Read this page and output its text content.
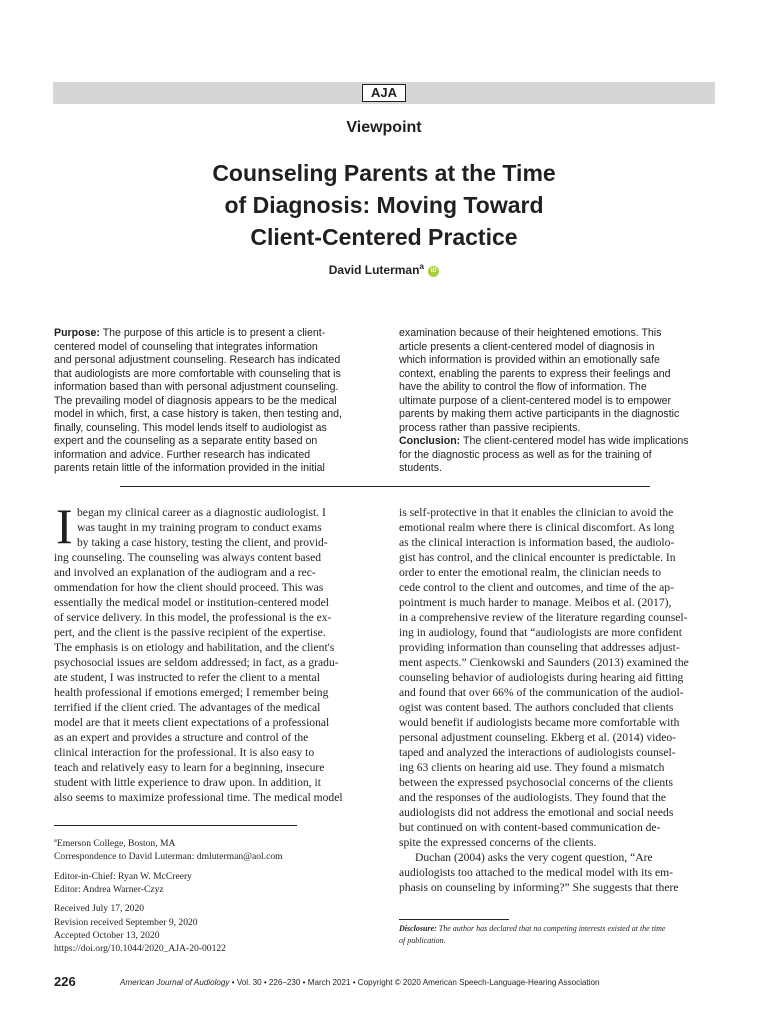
AJA
Viewpoint
Counseling Parents at the Time
of Diagnosis: Moving Toward
Client-Centered Practice
David Luterman$^a$ iD
Purpose: The purpose of this article is to present a client-
centered model of counseling that integrates information
and personal adjustment counseling. Research has indicated
that audiologists are more comfortable with counseling that is
information based than with personal adjustment counseling.
The prevailing model of diagnosis appears to be the medical
model in which, first, a case history is taken, then testing and,
finally, counseling. This model lends itself to audiologist as
expert and the counseling as a separate entity based on
information and advice. Further research has indicated
parents retain little of the information provided in the initial
examination because of their heightened emotions. This
article presents a client-centered model of diagnosis in
which information is provided within an emotionally safe
context, enabling the parents to express their feelings and
have the ability to control the flow of information. The
ultimate purpose of a client-centered model is to empower
parents by making them active participants in the diagnostic
process rather than passive recipients.
Conclusion: The client-centered model has wide implications
for the diagnostic process as well as for the training of
students.
I began my clinical career as a diagnostic audiologist. I
was taught in my training program to conduct exams
by taking a case history, testing the client, and provid-
ing counseling. The counseling was always content based
and involved an explanation of the audiogram and a rec-
ommendation for how the client should proceed. This was
essentially the medical model or institution-centered model
of service delivery. In this model, the professional is the ex-
pert, and the client is the passive recipient of the expertise.
The emphasis is on etiology and habilitation, and the client's
psychosocial issues are seldom addressed; in fact, as a gradu-
ate student, I was instructed to refer the client to a mental
health professional if emotions emerged; I remember being
terrified if the client cried. The advantages of the medical
model are that it meets client expectations of a professional
as an expert and provides a structure and control of the
clinical interaction for the professional. It is also easy to
teach and relatively easy to learn for a beginning, insecure
student with little experience to draw upon. In addition, it
also seems to maximize professional time. The medical model
is self-protective in that it enables the clinician to avoid the
emotional realm where there is clinical discomfort. As long
as the clinical interaction is information based, the audiolo-
gist has control, and the clinical encounter is predictable. In
order to enter the emotional realm, the clinician needs to
cede control to the client and outcomes, and time of the ap-
pointment is much harder to manage. Meibos et al. (2017),
in a comprehensive review of the literature regarding counsel-
ing in audiology, found that “audiologists are more confident
providing information than counseling that addresses adjust-
ment aspects.” Cienkowski and Saunders (2013) examined the
counseling behavior of audiologists during hearing aid fitting
and found that over 66% of the communication of the audiol-
ogist was content based. The authors concluded that clients
would benefit if audiologists became more comfortable with
personal adjustment counseling. Ekberg et al. (2014) video-
taped and analyzed the interactions of audiologists counsel-
ing 63 clients on hearing aid use. They found a mismatch
between the expressed psychosocial concerns of the clients
and the responses of the audiologists. They found that the
audiologists did not address the emotional and social needs
but continued on with content-based communication de-
spite the expressed concerns of the clients.
Duchan (2004) asks the very cogent question, “Are
audiologists too attached to the medical model with its em-
phasis on counseling by informing?” She suggests that there
$^a$Emerson College, Boston, MA
Correspondence to David Luterman: dmluterman@aol.com
Editor-in-Chief: Ryan W. McCreery
Editor: Andrea Warner-Czyz
Received July 17, 2020
Revision received September 9, 2020
Accepted October 13, 2020
https://doi.org/10.1044/2020_AJA-20-00122
Disclosure: The author has declared that no competing interests existed at the time
of publication.
226	American Journal of Audiology • Vol. 30 • 226–230 • March 2021 • Copyright © 2020 American Speech-Language-Hearing Association
